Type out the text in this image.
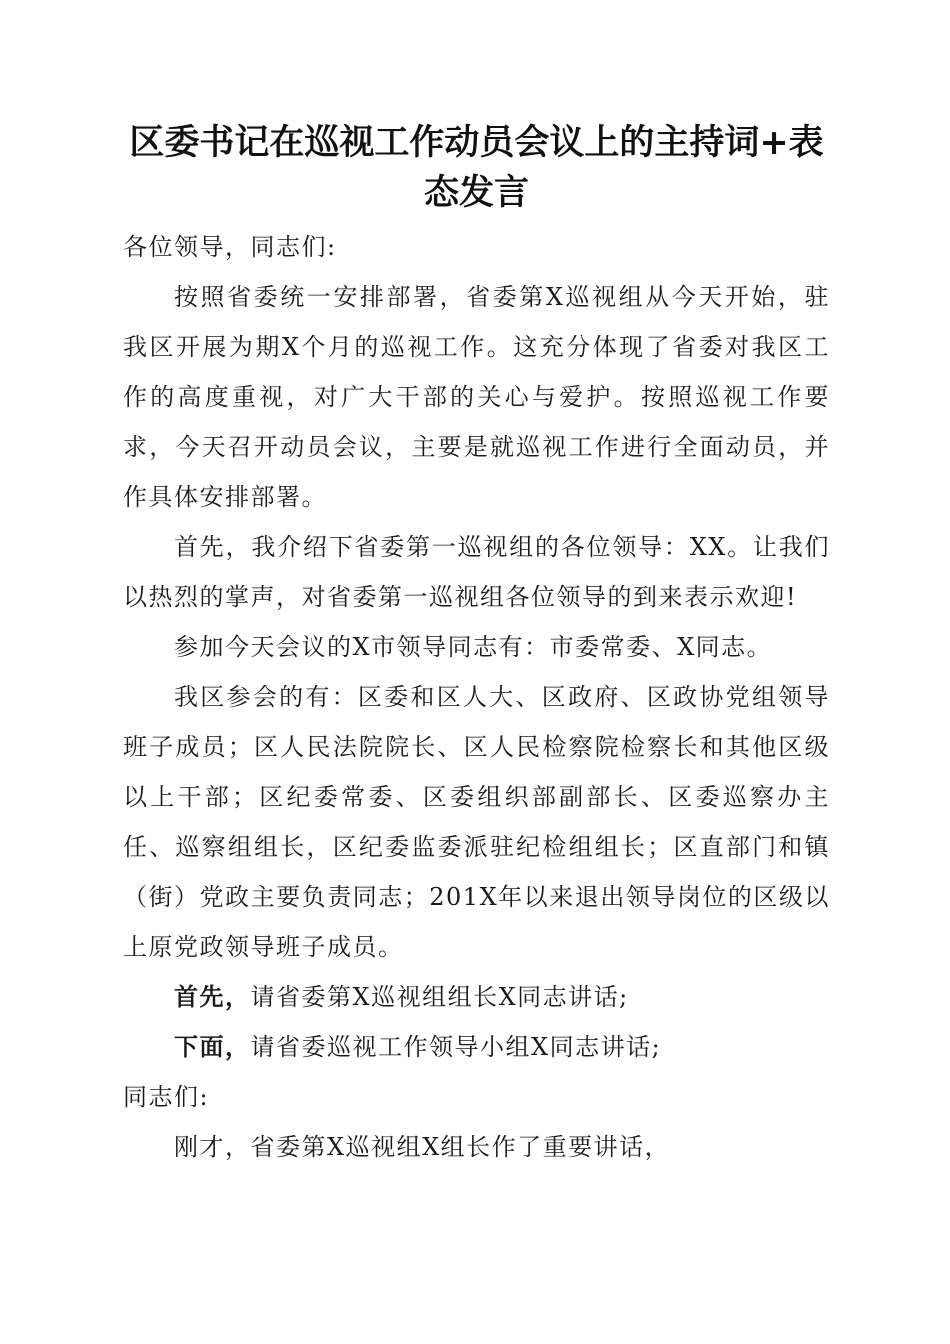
区委书记在巡视工作动员会议上的主持词+表
态发言

各位领导，同志们:

按照省委统一安排部署，省委第X巡视组从今天开始，驻我区开展为期X个月的巡视工作。这充分体现了省委对我区工作的高度重视，对广大干部的关心与爱护。按照巡视工作要求，今天召开动员会议，主要是就巡视工作进行全面动员，并作具体安排部署。

首先，我介绍下省委第一巡视组的各位领导：XX。让我们以热烈的掌声，对省委第一巡视组各位领导的到来表示欢迎!

参加今天会议的X市领导同志有：市委常委、X同志。

我区参会的有：区委和区人大、区政府、区政协党组领导班子成员；区人民法院院长、区人民检察院检察长和其他区级以上干部；区纪委常委、区委组织部副部长、区委巡察办主任、巡察组组长，区纪委监委派驻纪检组组长；区直部门和镇（街）党政主要负责同志；201X年以来退出领导岗位的区级以上原党政领导班子成员。

首先，请省委第X巡视组组长X同志讲话;

下面，请省委巡视工作领导小组X同志讲话;

同志们:

刚才，省委第X巡视组X组长作了重要讲话，
